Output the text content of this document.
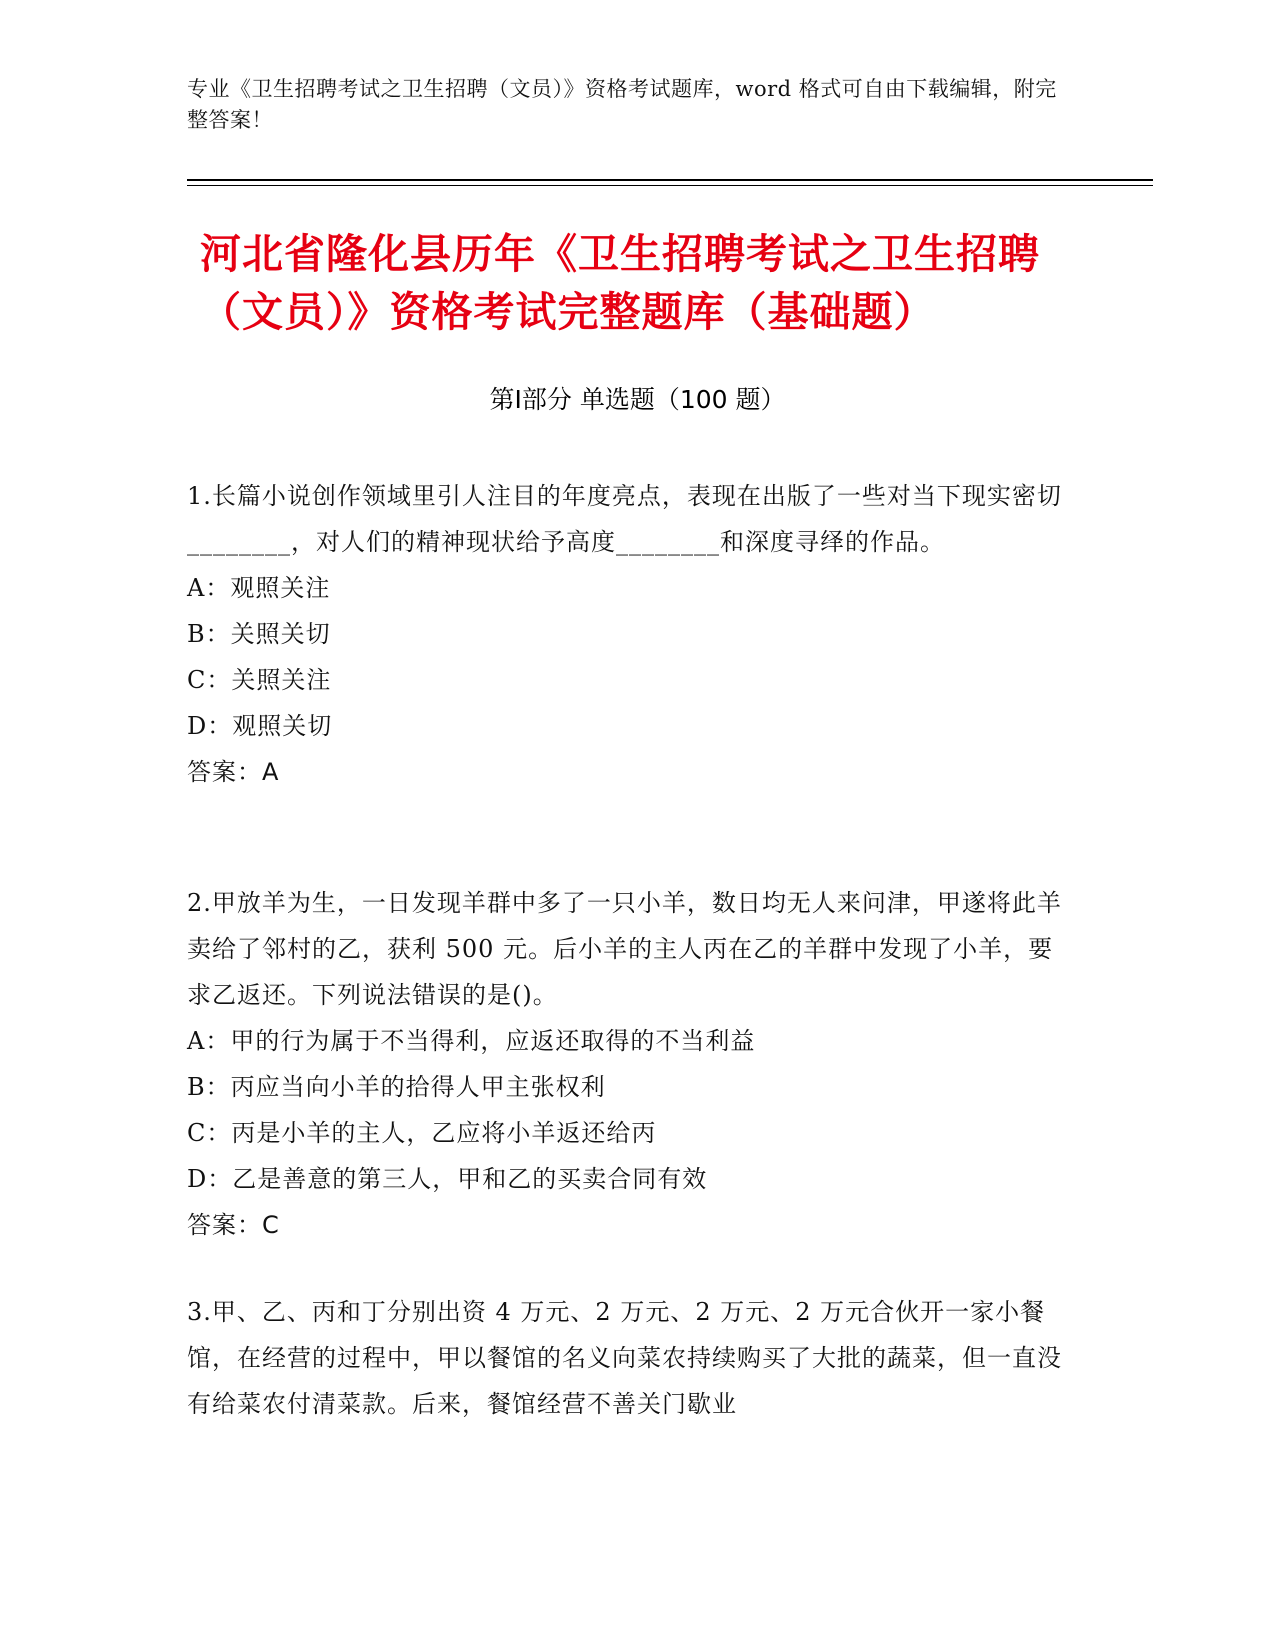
专业《卫生招聘考试之卫生招聘（文员）》资格考试题库，word 格式可自由下载编辑，附完整答案！
河北省隆化县历年《卫生招聘考试之卫生招聘（文员）》资格考试完整题库（基础题）
第Ⅰ部分 单选题（100 题）
1.长篇小说创作领域里引人注目的年度亮点，表现在出版了一些对当下现实密切________，对人们的精神现状给予高度________和深度寻绎的作品。
A：观照关注
B：关照关切
C：关照关注
D：观照关切
答案：A
2.甲放羊为生，一日发现羊群中多了一只小羊，数日均无人来问津，甲遂将此羊卖给了邻村的乙，获利 500 元。后小羊的主人丙在乙的羊群中发现了小羊，要求乙返还。下列说法错误的是()。
A：甲的行为属于不当得利，应返还取得的不当利益
B：丙应当向小羊的拾得人甲主张权利
C：丙是小羊的主人，乙应将小羊返还给丙
D：乙是善意的第三人，甲和乙的买卖合同有效
答案：C
3.甲、乙、丙和丁分别出资 4 万元、2 万元、2 万元、2 万元合伙开一家小餐馆，在经营的过程中，甲以餐馆的名义向菜农持续购买了大批的蔬菜，但一直没有给菜农付清菜款。后来，餐馆经营不善关门歇业
